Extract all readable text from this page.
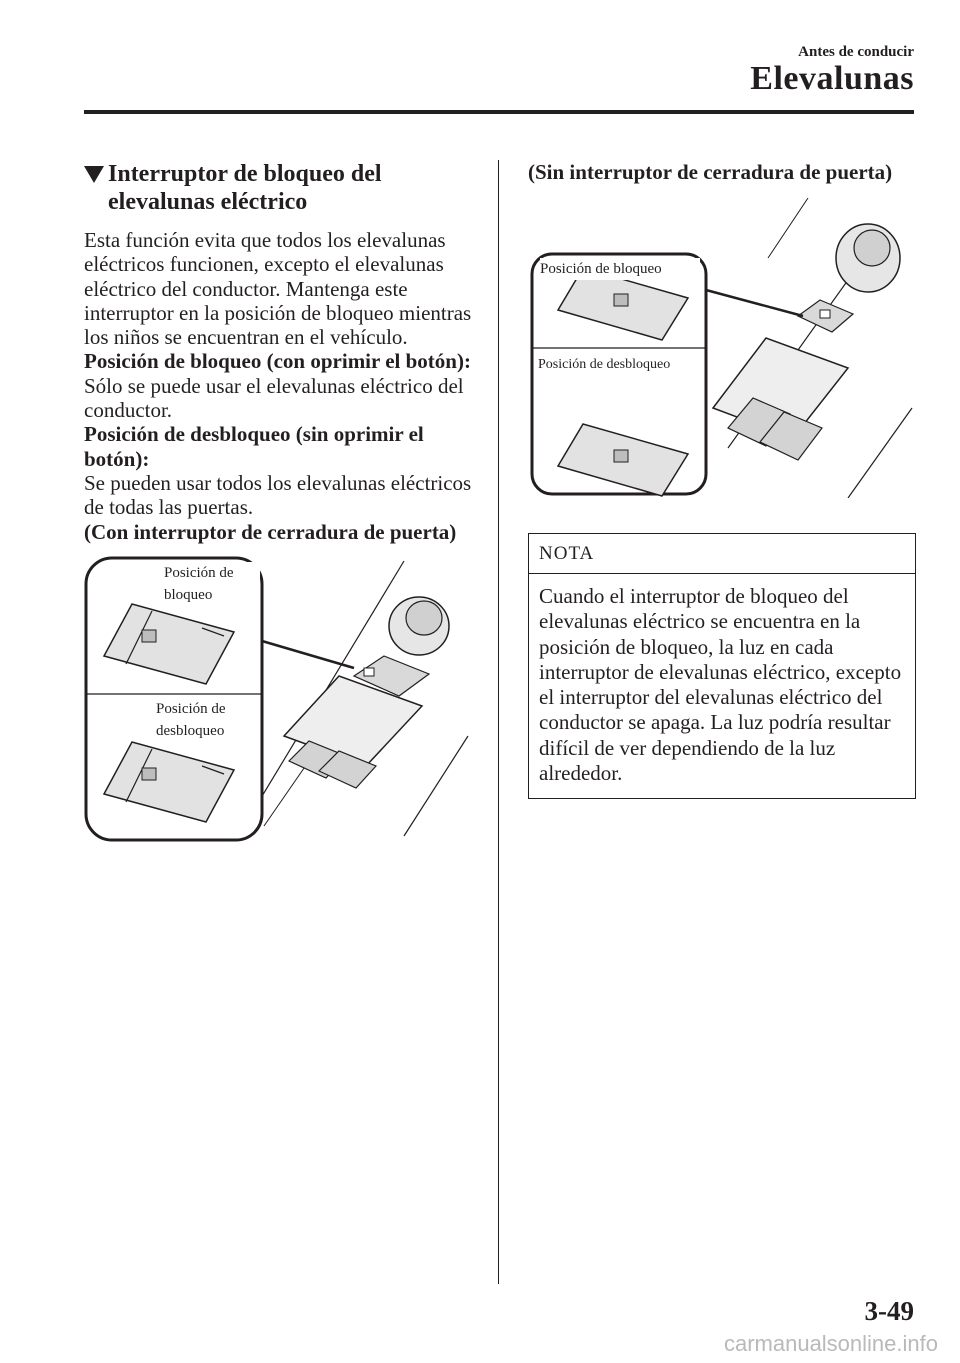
Antes de conducir
Elevalunas
Interruptor de bloqueo del elevalunas eléctrico
Esta función evita que todos los elevalunas eléctricos funcionen, excepto el elevalunas eléctrico del conductor. Mantenga este interruptor en la posición de bloqueo mientras los niños se encuentran en el vehículo.
Posición de bloqueo (con oprimir el botón):
Sólo se puede usar el elevalunas eléctrico del conductor.
Posición de desbloqueo (sin oprimir el botón):
Se pueden usar todos los elevalunas eléctricos de todas las puertas.
(Con interruptor de cerradura de puerta)
Posición de bloqueo
Posición de desbloqueo
(Sin interruptor de cerradura de puerta)
Posición de bloqueo
Posición de desbloqueo
NOTA
Cuando el interruptor de bloqueo del elevalunas eléctrico se encuentra en la posición de bloqueo, la luz en cada interruptor de elevalunas eléctrico, excepto el interruptor del elevalunas eléctrico del conductor se apaga. La luz podría resultar difícil de ver dependiendo de la luz alrededor.
3-49
carmanualsonline.info
